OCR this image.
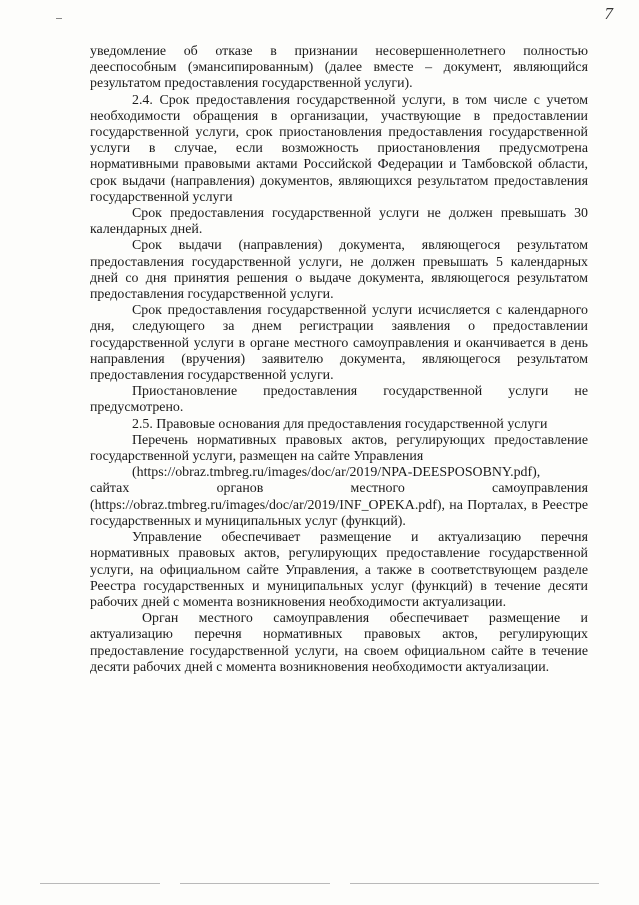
7

уведомление об отказе в признании несовершеннолетнего полностью дееспособным (эмансипированным) (далее вместе – документ, являющийся результатом предоставления государственной услуги).

2.4. Срок предоставления государственной услуги, в том числе с учетом необходимости обращения в организации, участвующие в предоставлении государственной услуги, срок приостановления предоставления государственной услуги в случае, если возможность приостановления предусмотрена нормативными правовыми актами Российской Федерации и Тамбовской области, срок выдачи (направления) документов, являющихся результатом предоставления государственной услуги

Срок предоставления государственной услуги не должен превышать 30 календарных дней.

Срок выдачи (направления) документа, являющегося результатом предоставления государственной услуги, не должен превышать 5 календарных дней со дня принятия решения о выдаче документа, являющегося результатом предоставления государственной услуги.

Срок предоставления государственной услуги исчисляется с календарного дня, следующего за днем регистрации заявления о предоставлении государственной услуги в органе местного самоуправления и оканчивается в день направления (вручения) заявителю документа, являющегося результатом предоставления государственной услуги.

Приостановление предоставления государственной услуги не предусмотрено.

2.5. Правовые основания для предоставления государственной услуги

Перечень нормативных правовых актов, регулирующих предоставление государственной услуги, размещен на сайте Управления
(https://obraz.tmbreg.ru/images/doc/ar/2019/NPA-DEESPOSOBNY.pdf),
сайтах органов местного самоуправления (https://obraz.tmbreg.ru/images/doc/ar/2019/INF_OPEKA.pdf), на Порталах, в Реестре государственных и муниципальных услуг (функций).

Управление обеспечивает размещение и актуализацию перечня нормативных правовых актов, регулирующих предоставление государственной услуги, на официальном сайте Управления, а также в соответствующем разделе Реестра государственных и муниципальных услуг (функций) в течение десяти рабочих дней с момента возникновения необходимости актуализации.

Орган местного самоуправления обеспечивает размещение и актуализацию перечня нормативных правовых актов, регулирующих предоставление государственной услуги, на своем официальном сайте в течение десяти рабочих дней с момента возникновения необходимости актуализации.
